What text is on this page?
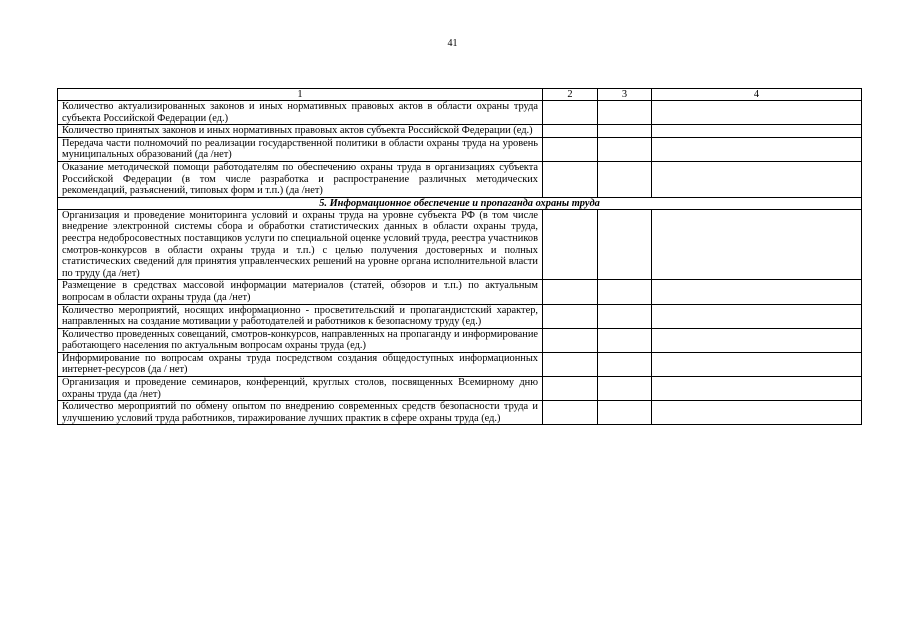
41
1	2	3	4
Количество актуализированных законов и иных нормативных правовых актов в области охраны труда субъекта Российской Федерации (ед.)			
Количество принятых законов и иных нормативных правовых актов субъекта Российской Федерации (ед.)			
Передача части полномочий по реализации государственной политики в области охраны труда на уровень муниципальных образований (да /нет)			
Оказание методической помощи работодателям по обеспечению охраны труда в организациях субъекта Российской Федерации (в том числе разработка и распространение различных методических рекомендаций, разъяснений, типовых форм и т.п.) (да /нет)			
5. Информационное обеспечение и пропаганда охраны труда			
Организация и проведение мониторинга условий и охраны труда на уровне субъекта РФ (в том числе внедрение электронной системы сбора и обработки статистических данных в области охраны труда, реестра недобросовестных поставщиков услуги по специальной оценке условий труда, реестра участников смотров-конкурсов в области охраны труда и т.п.) с целью получения достоверных и полных статистических сведений для принятия управленческих решений на уровне органа исполнительной власти по труду (да /нет)			
Размещение в средствах массовой информации материалов (статей, обзоров и т.п.) по актуальным вопросам в области охраны труда (да /нет)			
Количество мероприятий, носящих информационно - просветительский и пропагандистский характер, направленных на создание мотивации у работодателей и работников к безопасному труду (ед.)			
Количество проведенных совещаний, смотров-конкурсов, направленных на пропаганду и информирование работающего населения по актуальным вопросам охраны труда (ед.)			
Информирование по вопросам охраны труда посредством создания общедоступных информационных интернет-ресурсов (да / нет)			
Организация и проведение семинаров, конференций, круглых столов, посвященных Всемирному дню охраны труда (да /нет)			
Количество мероприятий по обмену опытом по внедрению современных средств безопасности труда и улучшению условий труда работников, тиражирование лучших практик в сфере охраны труда (ед.)			
